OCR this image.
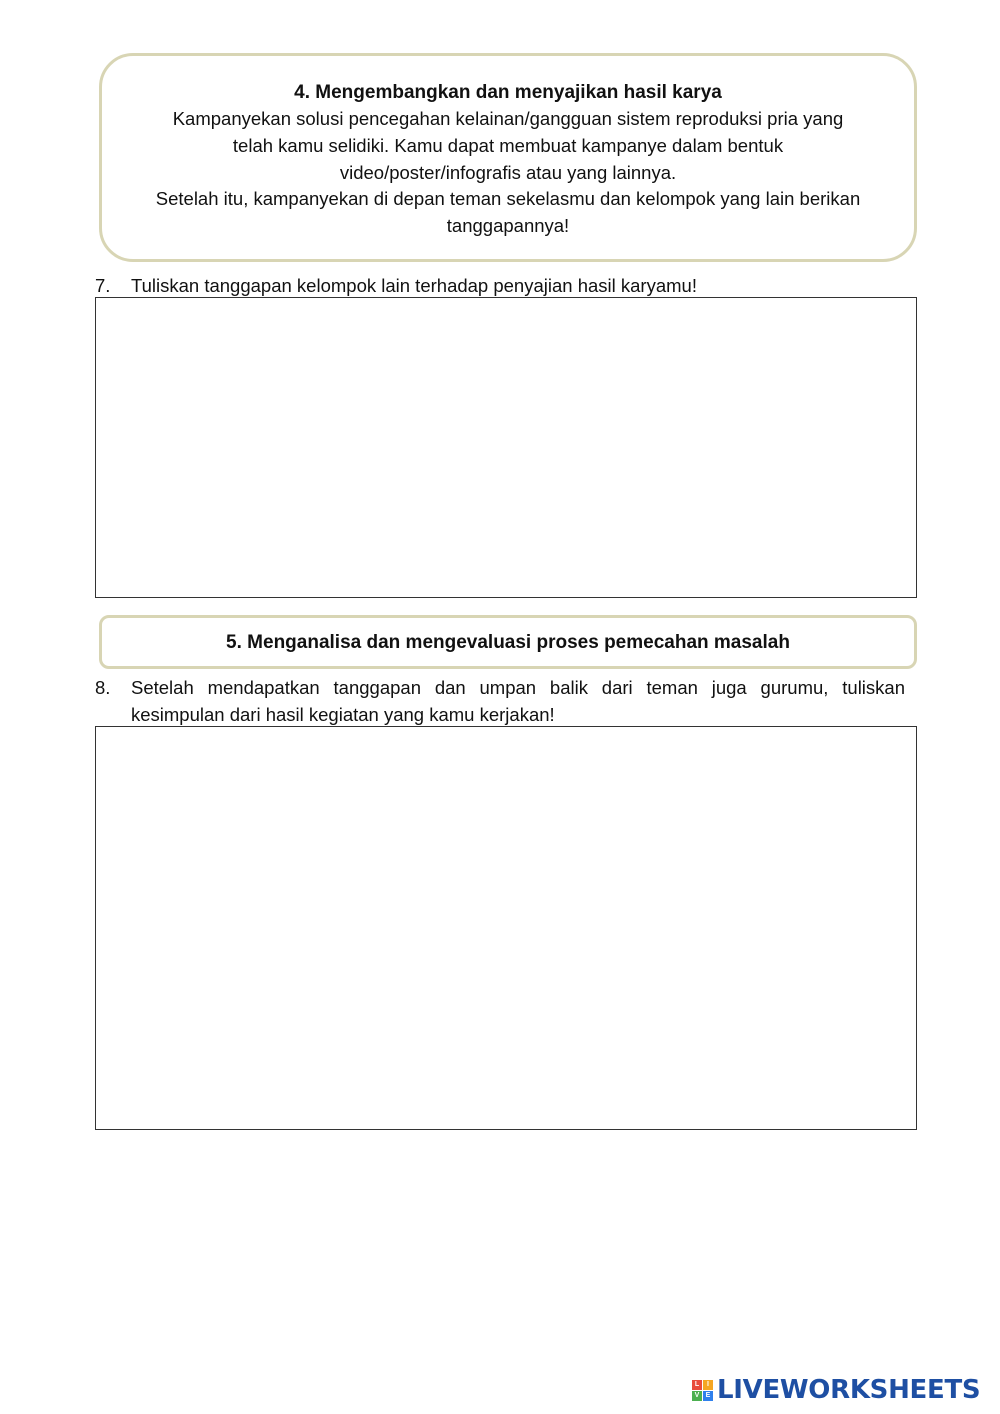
4. Mengembangkan dan menyajikan hasil karya
Kampanyekan solusi pencegahan kelainan/gangguan sistem reproduksi pria yang
telah kamu selidiki. Kamu dapat membuat kampanye dalam bentuk
video/poster/infografis atau yang lainnya.
Setelah itu, kampanyekan di depan teman sekelasmu dan kelompok yang lain berikan
tanggapannya!
7. Tuliskan tanggapan kelompok lain terhadap penyajian hasil karyamu!
5. Menganalisa dan mengevaluasi proses pemecahan masalah
8. Setelah mendapatkan tanggapan dan umpan balik dari teman juga gurumu, tuliskan kesimpulan dari hasil kegiatan yang kamu kerjakan!
L	I
V E LIVEWORKSHEETS
